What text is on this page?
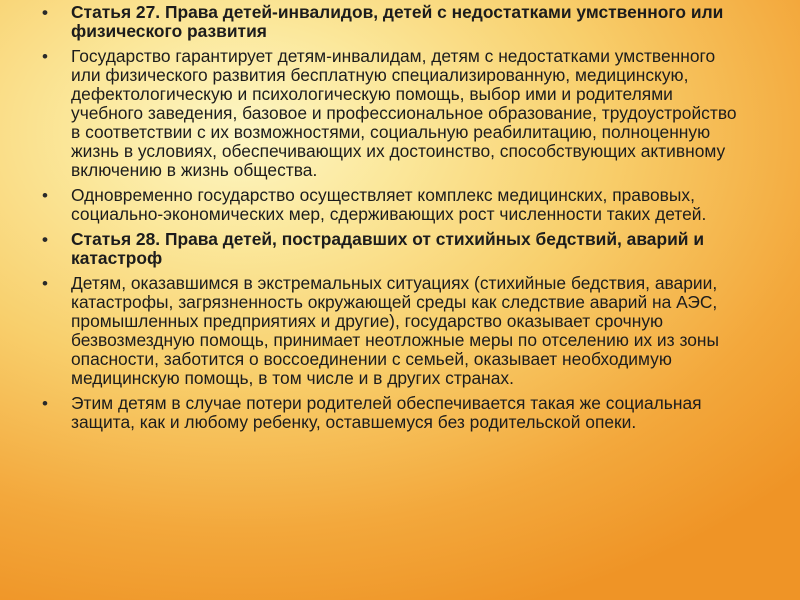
• Статья 27. Права детей-инвалидов, детей с недостатками умственного или физического развития
• Государство гарантирует детям-инвалидам, детям с недостатками умственного или физического развития бесплатную специализированную, медицинскую, дефектологическую и психологическую помощь, выбор ими и родителями учебного заведения, базовое и профессиональное образование, трудоустройство в соответствии с их возможностями, социальную реабилитацию, полноценную жизнь в условиях, обеспечивающих их достоинство, способствующих активному включению в жизнь общества.
• Одновременно государство осуществляет комплекс медицинских, правовых, социально-экономических мер, сдерживающих рост численности таких детей.
• Статья 28. Права детей, пострадавших от стихийных бедствий, аварий и катастроф
• Детям, оказавшимся в экстремальных ситуациях (стихийные бедствия, аварии, катастрофы, загрязненность окружающей среды как следствие аварий на АЭС, промышленных предприятиях и другие), государство оказывает срочную безвозмездную помощь, принимает неотложные меры по отселению их из зоны опасности, заботится о воссоединении с семьей, оказывает необходимую медицинскую помощь, в том числе и в других странах.
• Этим детям в случае потери родителей обеспечивается такая же социальная защита, как и любому ребенку, оставшемуся без родительской опеки.
